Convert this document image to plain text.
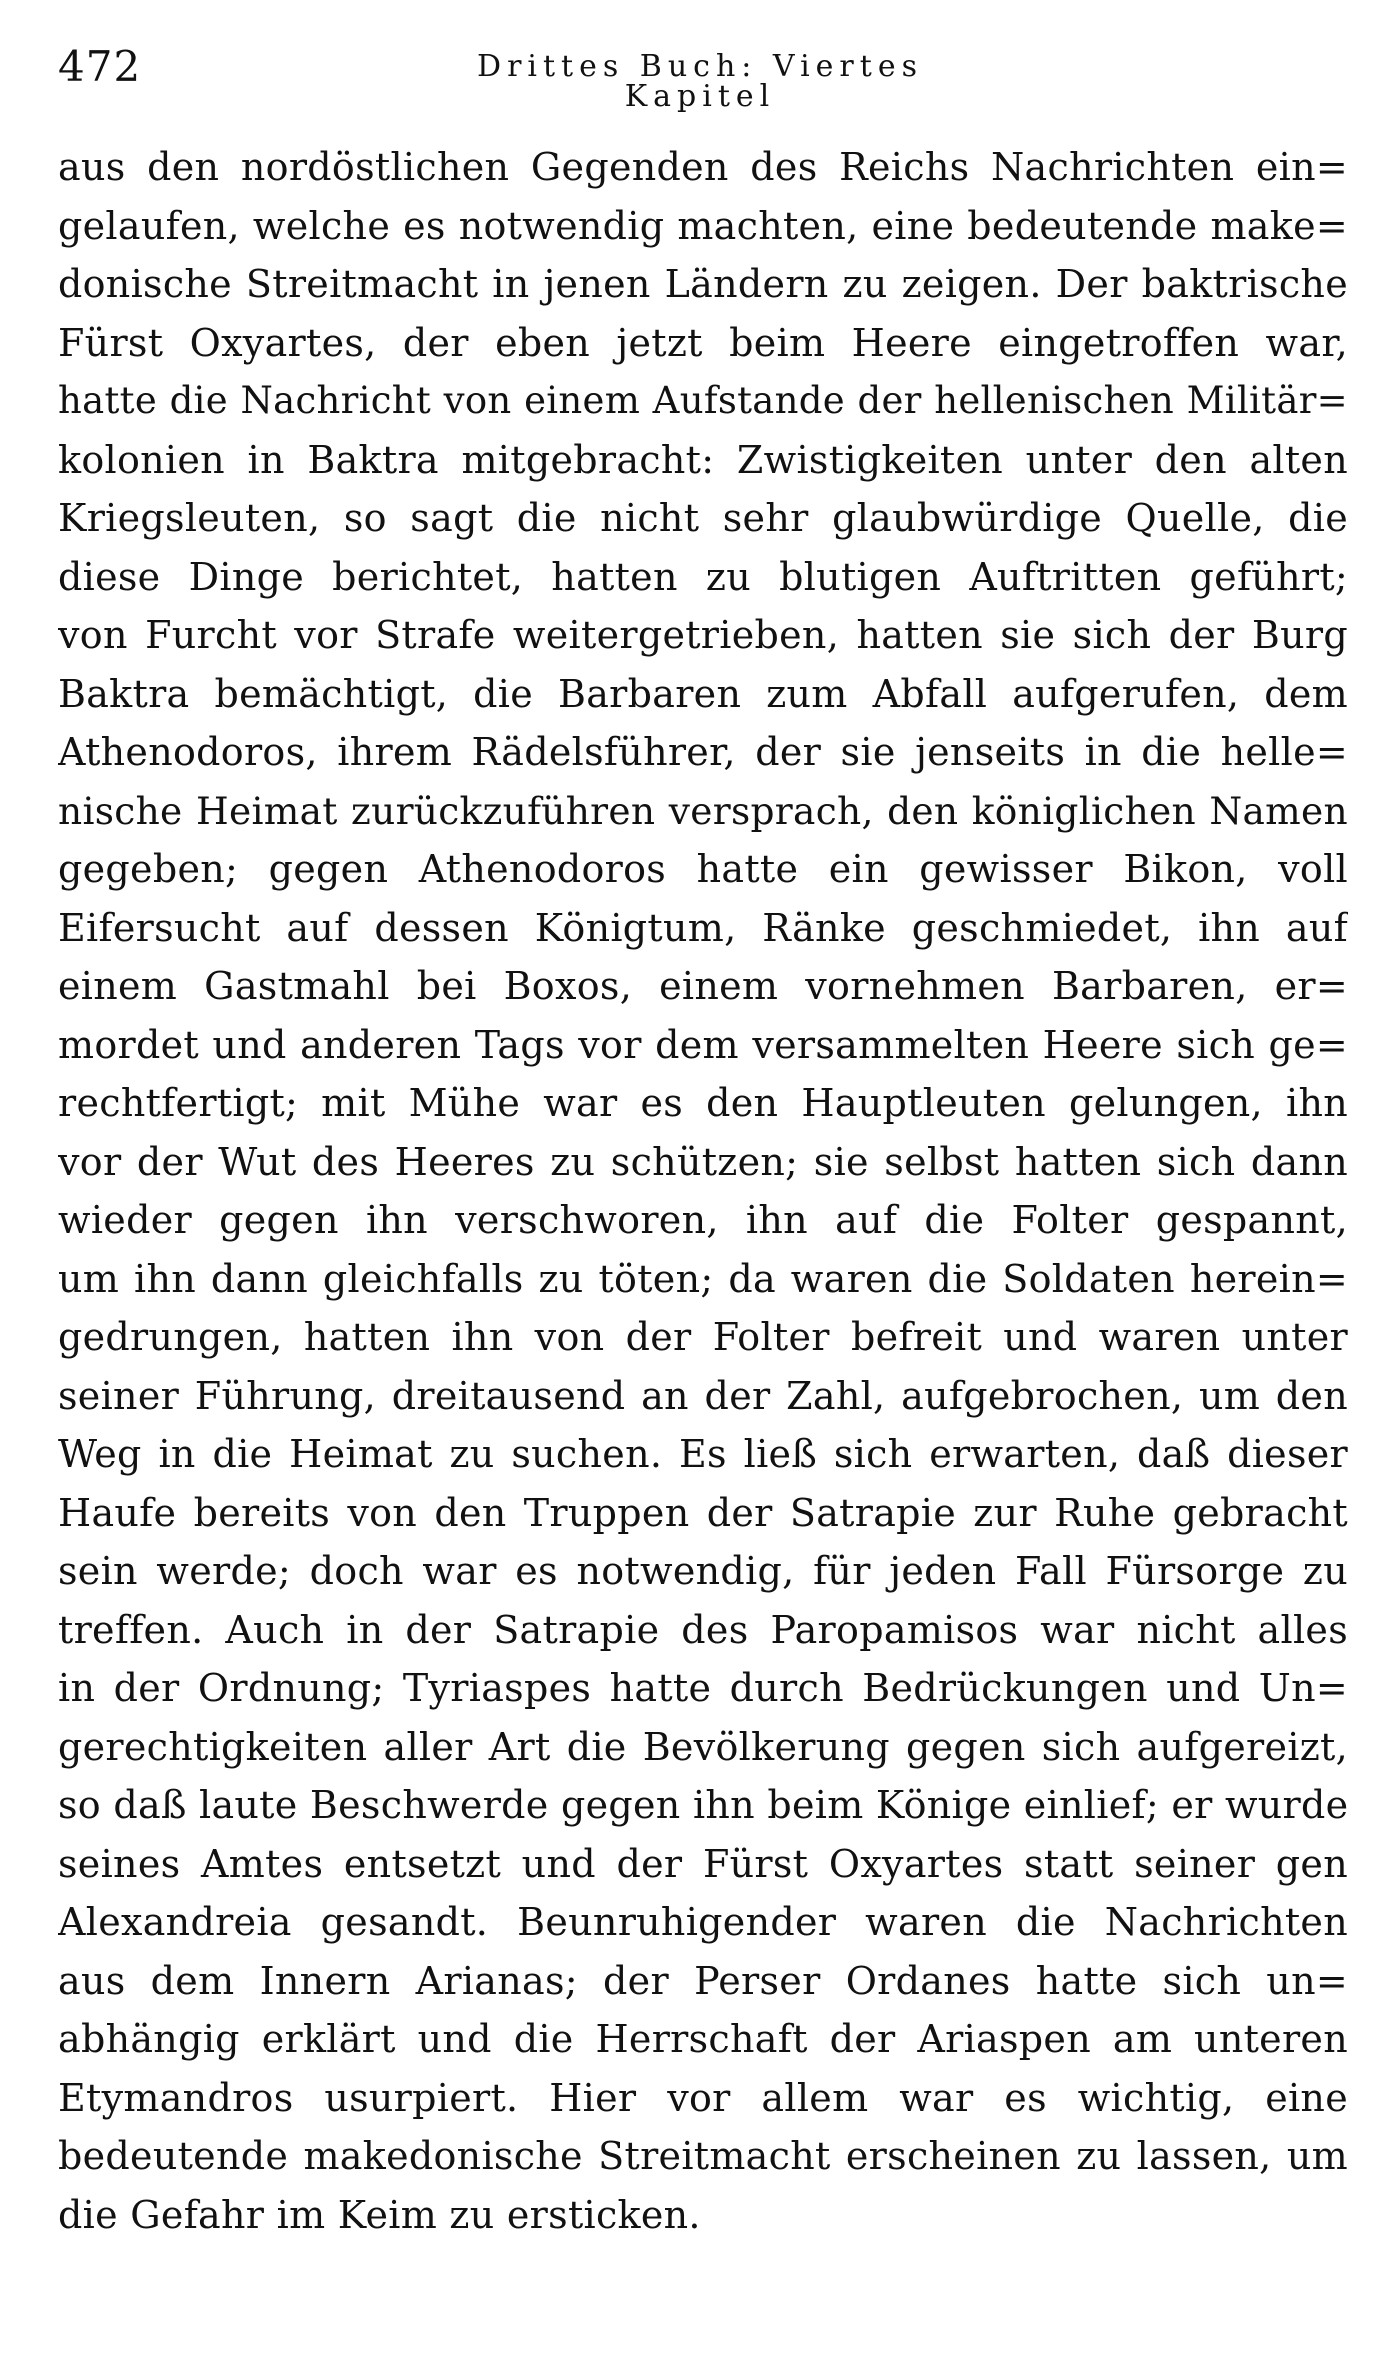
472	Drittes Buch: Viertes Kapitel
aus den nordöstlichen Gegenden des Reichs Nachrichten ein=
gelaufen, welche es notwendig machten, eine bedeutende make=
donische Streitmacht in jenen Ländern zu zeigen. Der baktrische
Fürst Oxyartes, der eben jetzt beim Heere eingetroffen war,
hatte die Nachricht von einem Aufstande der hellenischen Militär=
kolonien in Baktra mitgebracht: Zwistigkeiten unter den alten
Kriegsleuten, so sagt die nicht sehr glaubwürdige Quelle, die
diese Dinge berichtet, hatten zu blutigen Auftritten geführt;
von Furcht vor Strafe weitergetrieben, hatten sie sich der Burg
Baktra bemächtigt, die Barbaren zum Abfall aufgerufen, dem
Athenodoros, ihrem Rädelsführer, der sie jenseits in die helle=
nische Heimat zurückzuführen versprach, den königlichen Namen
gegeben; gegen Athenodoros hatte ein gewisser Bikon, voll
Eifersucht auf dessen Königtum, Ränke geschmiedet, ihn auf
einem Gastmahl bei Boxos, einem vornehmen Barbaren, er=
mordet und anderen Tags vor dem versammelten Heere sich ge=
rechtfertigt; mit Mühe war es den Hauptleuten gelungen, ihn
vor der Wut des Heeres zu schützen; sie selbst hatten sich dann
wieder gegen ihn verschworen, ihn auf die Folter gespannt,
um ihn dann gleichfalls zu töten; da waren die Soldaten herein=
gedrungen, hatten ihn von der Folter befreit und waren unter
seiner Führung, dreitausend an der Zahl, aufgebrochen, um den
Weg in die Heimat zu suchen. Es ließ sich erwarten, daß dieser
Haufe bereits von den Truppen der Satrapie zur Ruhe gebracht
sein werde; doch war es notwendig, für jeden Fall Fürsorge zu
treffen. Auch in der Satrapie des Paropamisos war nicht alles
in der Ordnung; Tyriaspes hatte durch Bedrückungen und Un=
gerechtigkeiten aller Art die Bevölkerung gegen sich aufgereizt,
so daß laute Beschwerde gegen ihn beim Könige einlief; er wurde
seines Amtes entsetzt und der Fürst Oxyartes statt seiner gen
Alexandreia gesandt. Beunruhigender waren die Nachrichten
aus dem Innern Arianas; der Perser Ordanes hatte sich un=
abhängig erklärt und die Herrschaft der Ariaspen am unteren
Etymandros usurpiert. Hier vor allem war es wichtig, eine
bedeutende makedonische Streitmacht erscheinen zu lassen, um
die Gefahr im Keim zu ersticken.
